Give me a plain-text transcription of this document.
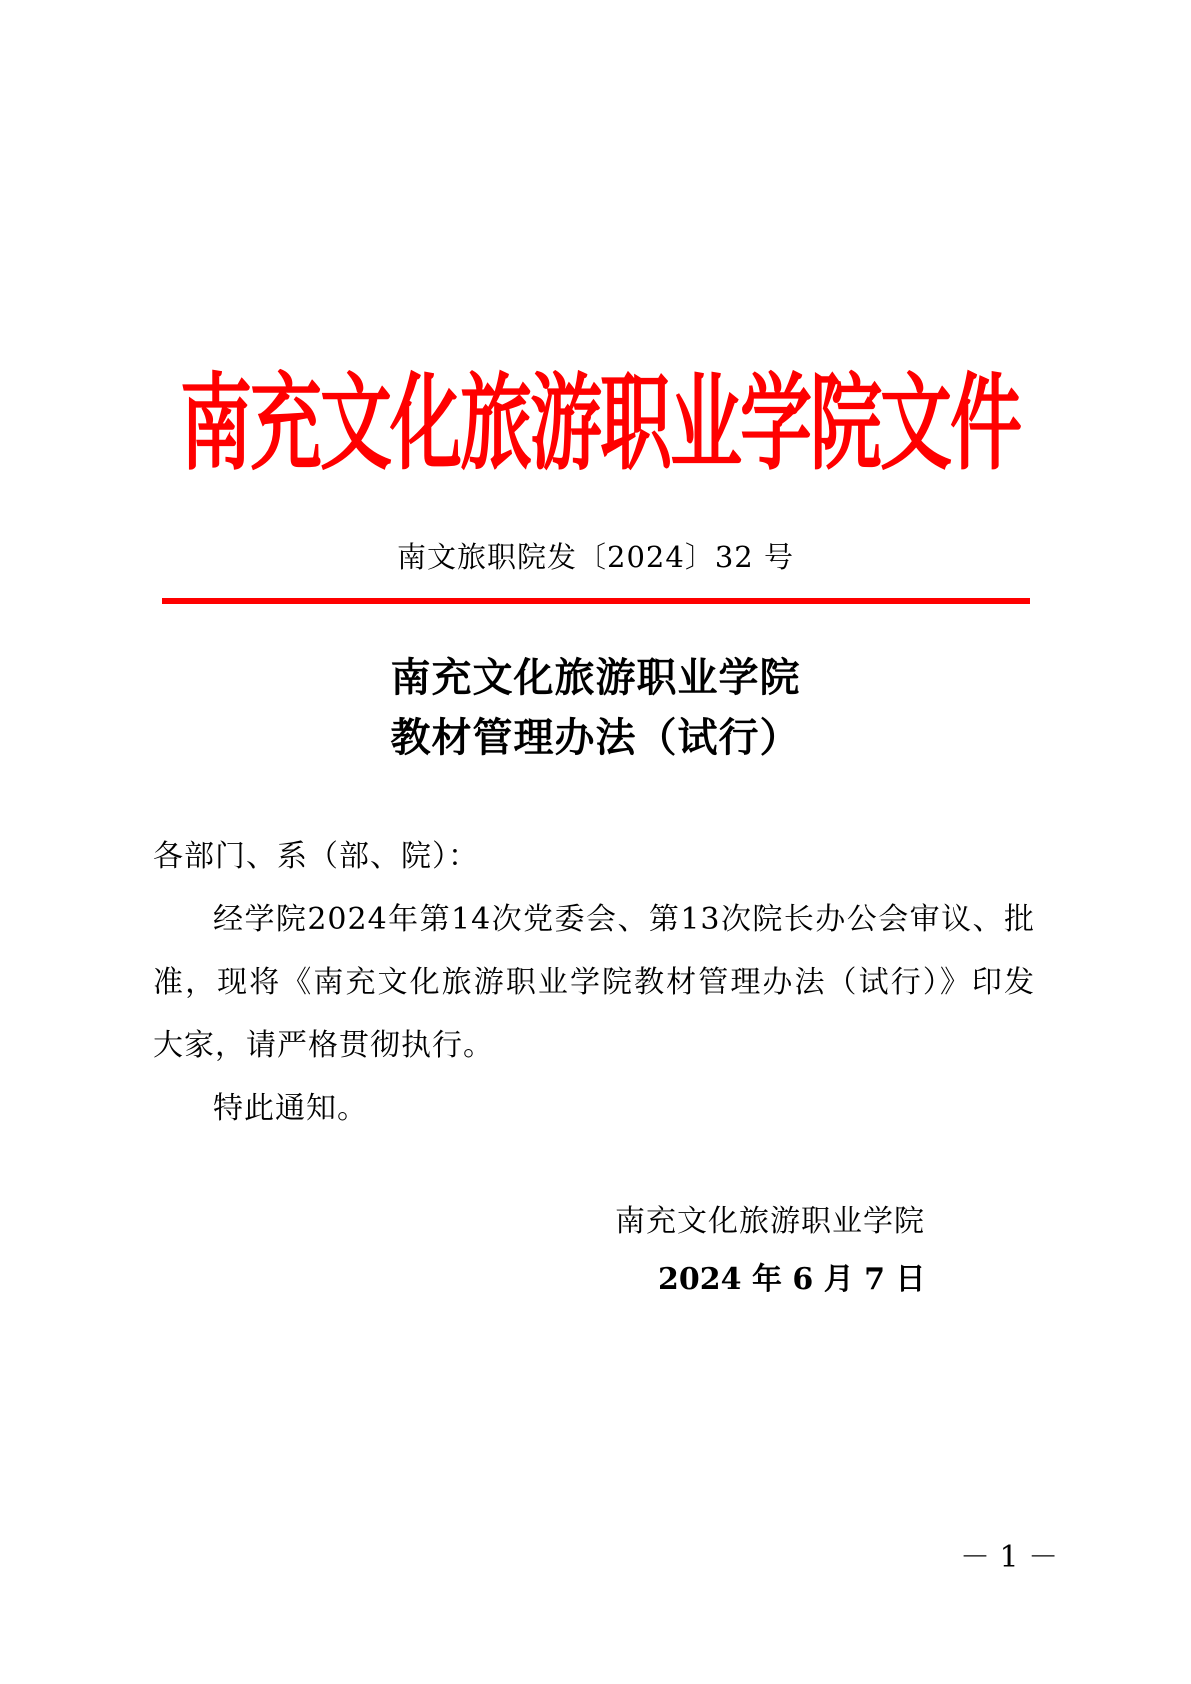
南充文化旅游职业学院文件
南文旅职院发〔2024〕32 号
南充文化旅游职业学院
教材管理办法（试行）

各部门、系（部、院）：

经学院2024年第14次党委会、第13次院长办公会审议、批准，现将《南充文化旅游职业学院教材管理办法（试行）》印发大家，请严格贯彻执行。

特此通知。

南充文化旅游职业学院
2024 年 6 月 7 日
－ 1 －
